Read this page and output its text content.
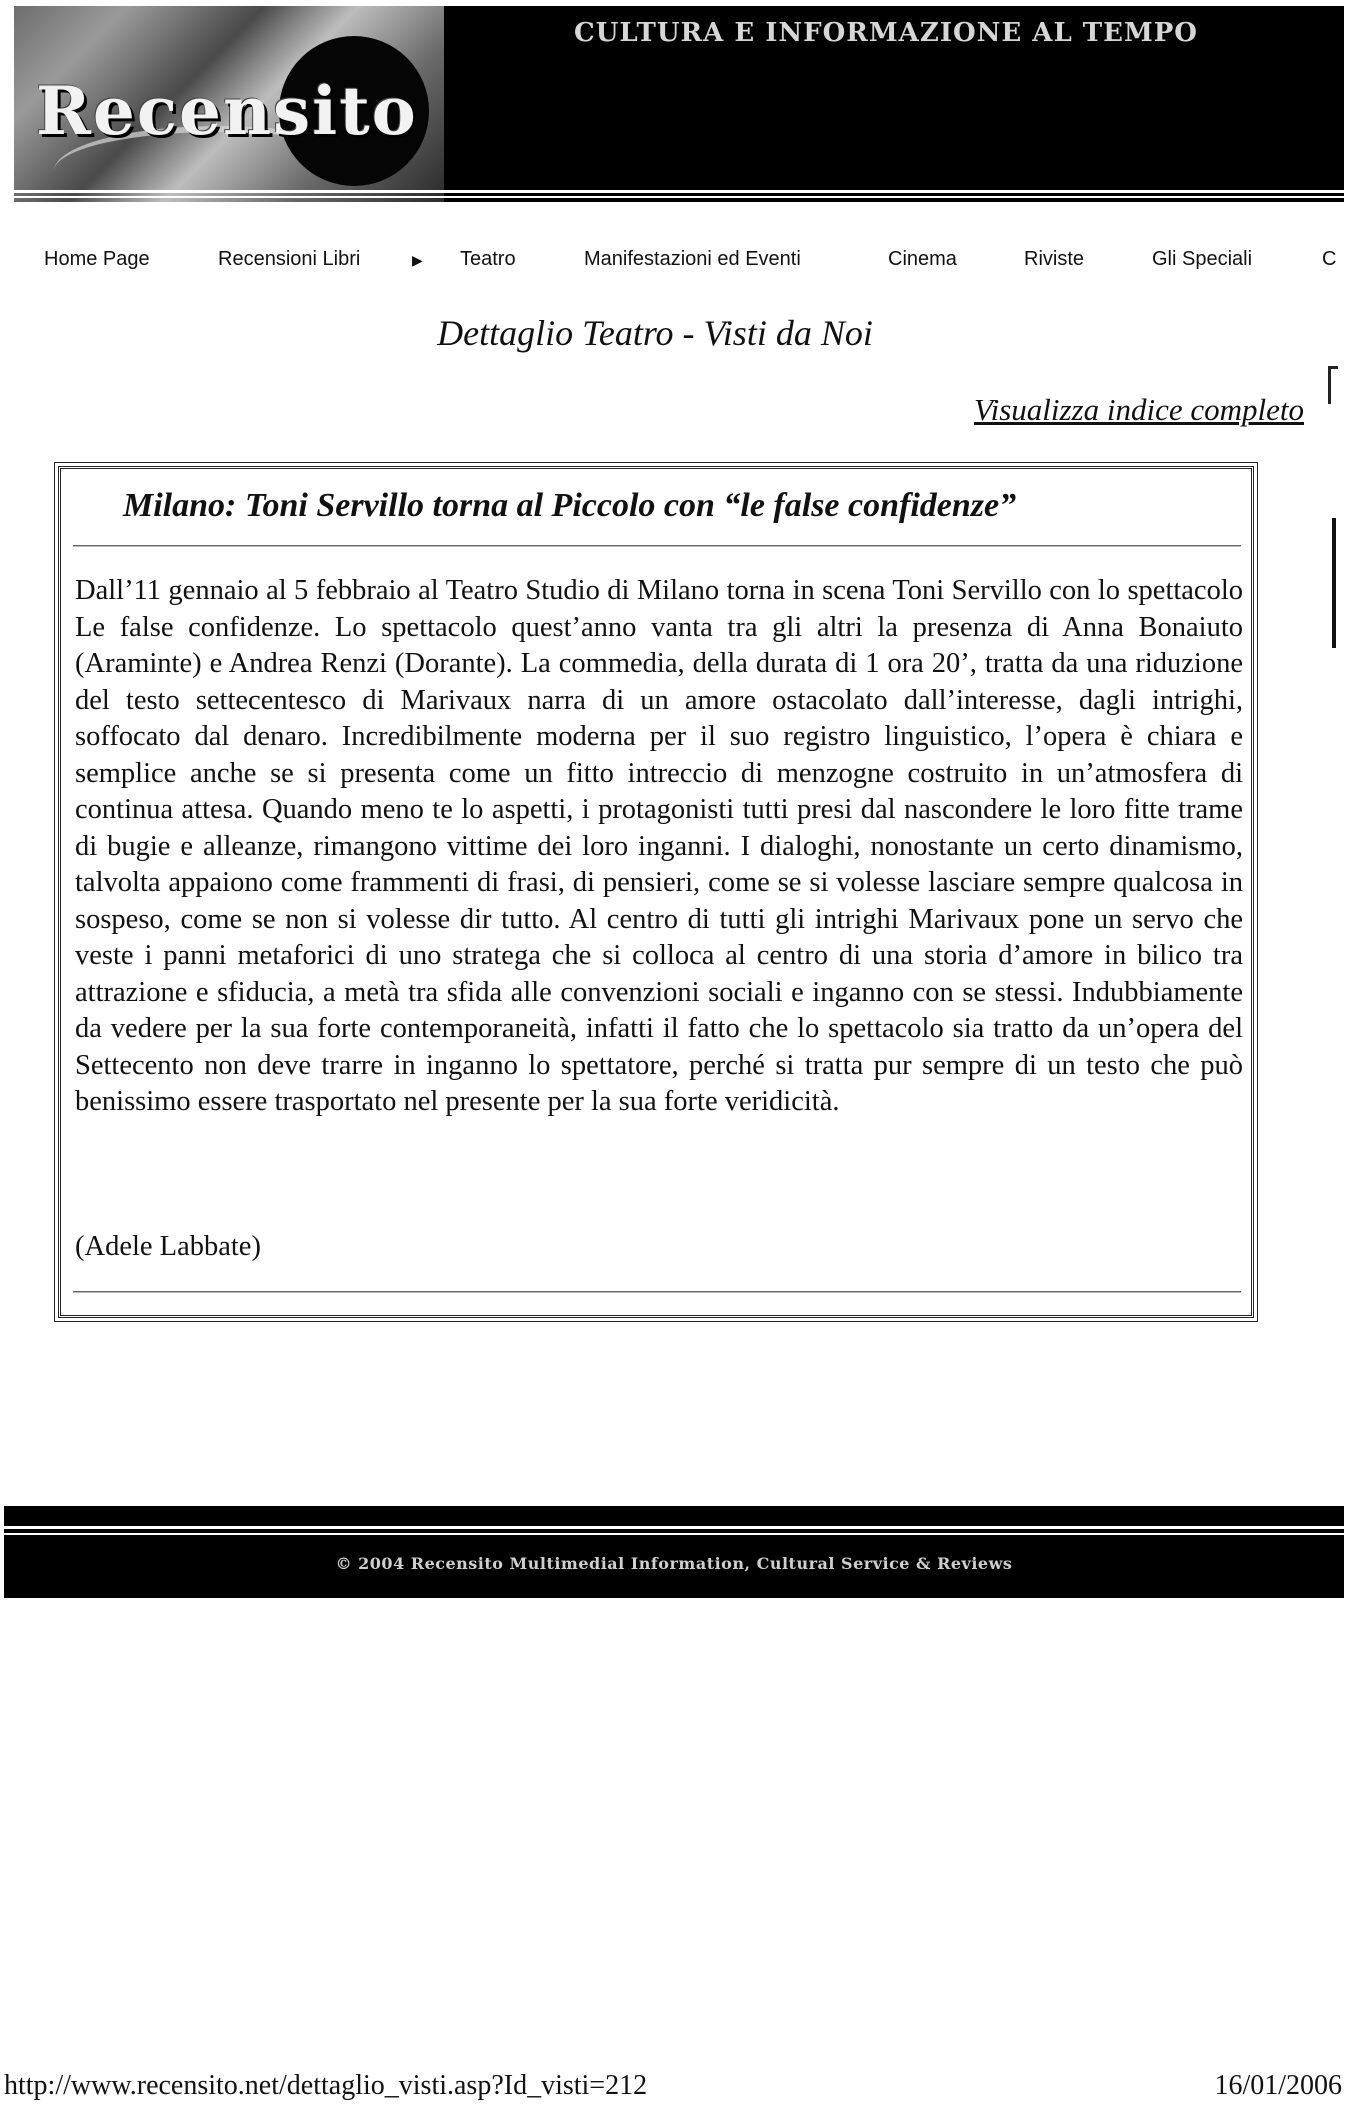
Recensito
CULTURA E INFORMAZIONE AL TEMPO
Home Page	Recensioni Libri	▶ Teatro	Manifestazioni ed Eventi	Cinema	Riviste	Gli Speciali	C
Dettaglio Teatro - Visti da Noi
Visualizza indice completo
Milano: Toni Servillo torna al Piccolo con “le false confidenze”
Dall’11 gennaio al 5 febbraio al Teatro Studio di Milano torna in scena Toni Servillo con lo spettacolo Le false confidenze. Lo spettacolo quest’anno vanta tra gli altri la presenza di Anna Bonaiuto (Araminte) e Andrea Renzi (Dorante). La commedia, della durata di 1 ora 20’, tratta da una riduzione del testo settecentesco di Marivaux narra di un amore ostacolato dall’interesse, dagli intrighi, soffocato dal denaro. Incredibilmente moderna per il suo registro linguistico, l’opera è chiara e semplice anche se si presenta come un fitto intreccio di menzogne costruito in un’atmosfera di continua attesa. Quando meno te lo aspetti, i protagonisti tutti presi dal nascondere le loro fitte trame di bugie e alleanze, rimangono vittime dei loro inganni. I dialoghi, nonostante un certo dinamismo, talvolta appaiono come frammenti di frasi, di pensieri, come se si volesse lasciare sempre qualcosa in sospeso, come se non si volesse dir tutto. Al centro di tutti gli intrighi Marivaux pone un servo che veste i panni metaforici di uno stratega che si colloca al centro di una storia d’amore in bilico tra attrazione e sfiducia, a metà tra sfida alle convenzioni sociali e inganno con se stessi. Indubbiamente da vedere per la sua forte contemporaneità, infatti il fatto che lo spettacolo sia tratto da un’opera del Settecento non deve trarre in inganno lo spettatore, perché si tratta pur sempre di un testo che può benissimo essere trasportato nel presente per la sua forte veridicità.
(Adele Labbate)
© 2004 Recensito Multimedial Information, Cultural Service & Reviews
http://www.recensito.net/dettaglio_visti.asp?Id_visti=212	16/01/2006
